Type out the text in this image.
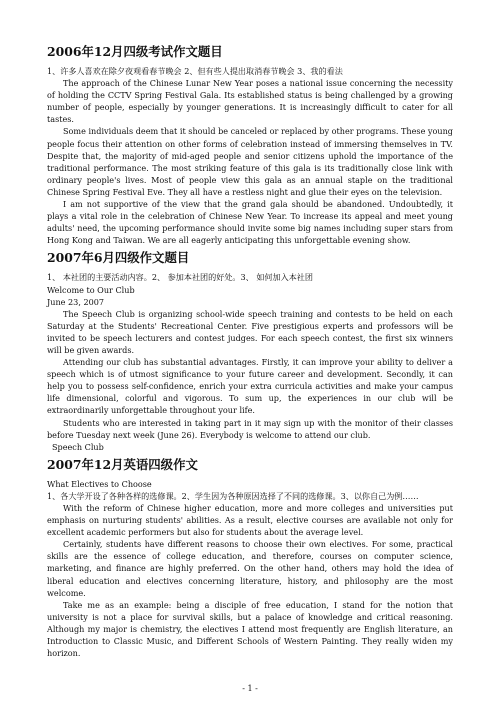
2006年12月四级考试作文题目
1、许多人喜欢在除夕夜观看春节晚会 2、但有些人提出取消春节晚会 3、我的看法

The approach of the Chinese Lunar New Year poses a national issue concerning the necessity of holding the CCTV Spring Festival Gala. Its established status is being challenged by a growing number of people, especially by younger generations. It is increasingly difficult to cater for all tastes.

Some individuals deem that it should be canceled or replaced by other programs. These young people focus their attention on other forms of celebration instead of immersing themselves in TV. Despite that, the majority of mid-aged people and senior citizens uphold the importance of the traditional performance. The most striking feature of this gala is its traditionally close link with ordinary people's lives. Most of people view this gala as an annual staple on the traditional Chinese Spring Festival Eve. They all have a restless night and glue their eyes on the television.

I am not supportive of the view that the grand gala should be abandoned. Undoubtedly, it plays a vital role in the celebration of Chinese New Year. To increase its appeal and meet young adults' need, the upcoming performance should invite some big names including super stars from Hong Kong and Taiwan. We are all eagerly anticipating this unforgettable evening show.

2007年6月四级作文题目
1、 本社团的主要活动内容。2、 参加本社团的好处。3、 如何加入本社团
Welcome to Our Club
June 23, 2007

The Speech Club is organizing school-wide speech training and contests to be held on each Saturday at the Students' Recreational Center. Five prestigious experts and professors will be invited to be speech lecturers and contest judges. For each speech contest, the first six winners will be given awards.

Attending our club has substantial advantages. Firstly, it can improve your ability to deliver a speech which is of utmost significance to your future career and development. Secondly, it can help you to possess self-confidence, enrich your extra curricula activities and make your campus life dimensional, colorful and vigorous. To sum up, the experiences in our club will be extraordinarily unforgettable throughout your life.

Students who are interested in taking part in it may sign up with the monitor of their classes before Tuesday next week (June 26). Everybody is welcome to attend our club.

Speech Club
2007年12月英语四级作文
What Electives to Choose
1、各大学开设了各种各样的选修课。2、学生因为各种原因选择了不同的选修课。3、以你自己为例……

With the reform of Chinese higher education, more and more colleges and universities put emphasis on nurturing students' abilities. As a result, elective courses are available not only for excellent academic performers but also for students about the average level.

Certainly, students have different reasons to choose their own electives. For some, practical skills are the essence of college education, and therefore, courses on computer science, marketing, and finance are highly preferred. On the other hand, others may hold the idea of liberal education and electives concerning literature, history, and philosophy are the most welcome.

Take me as an example: being a disciple of free education, I stand for the notion that university is not a place for survival skills, but a palace of knowledge and critical reasoning. Although my major is chemistry, the electives I attend most frequently are English literature, an Introduction to Classic Music, and Different Schools of Western Painting. They really widen my horizon.

- 1 -
